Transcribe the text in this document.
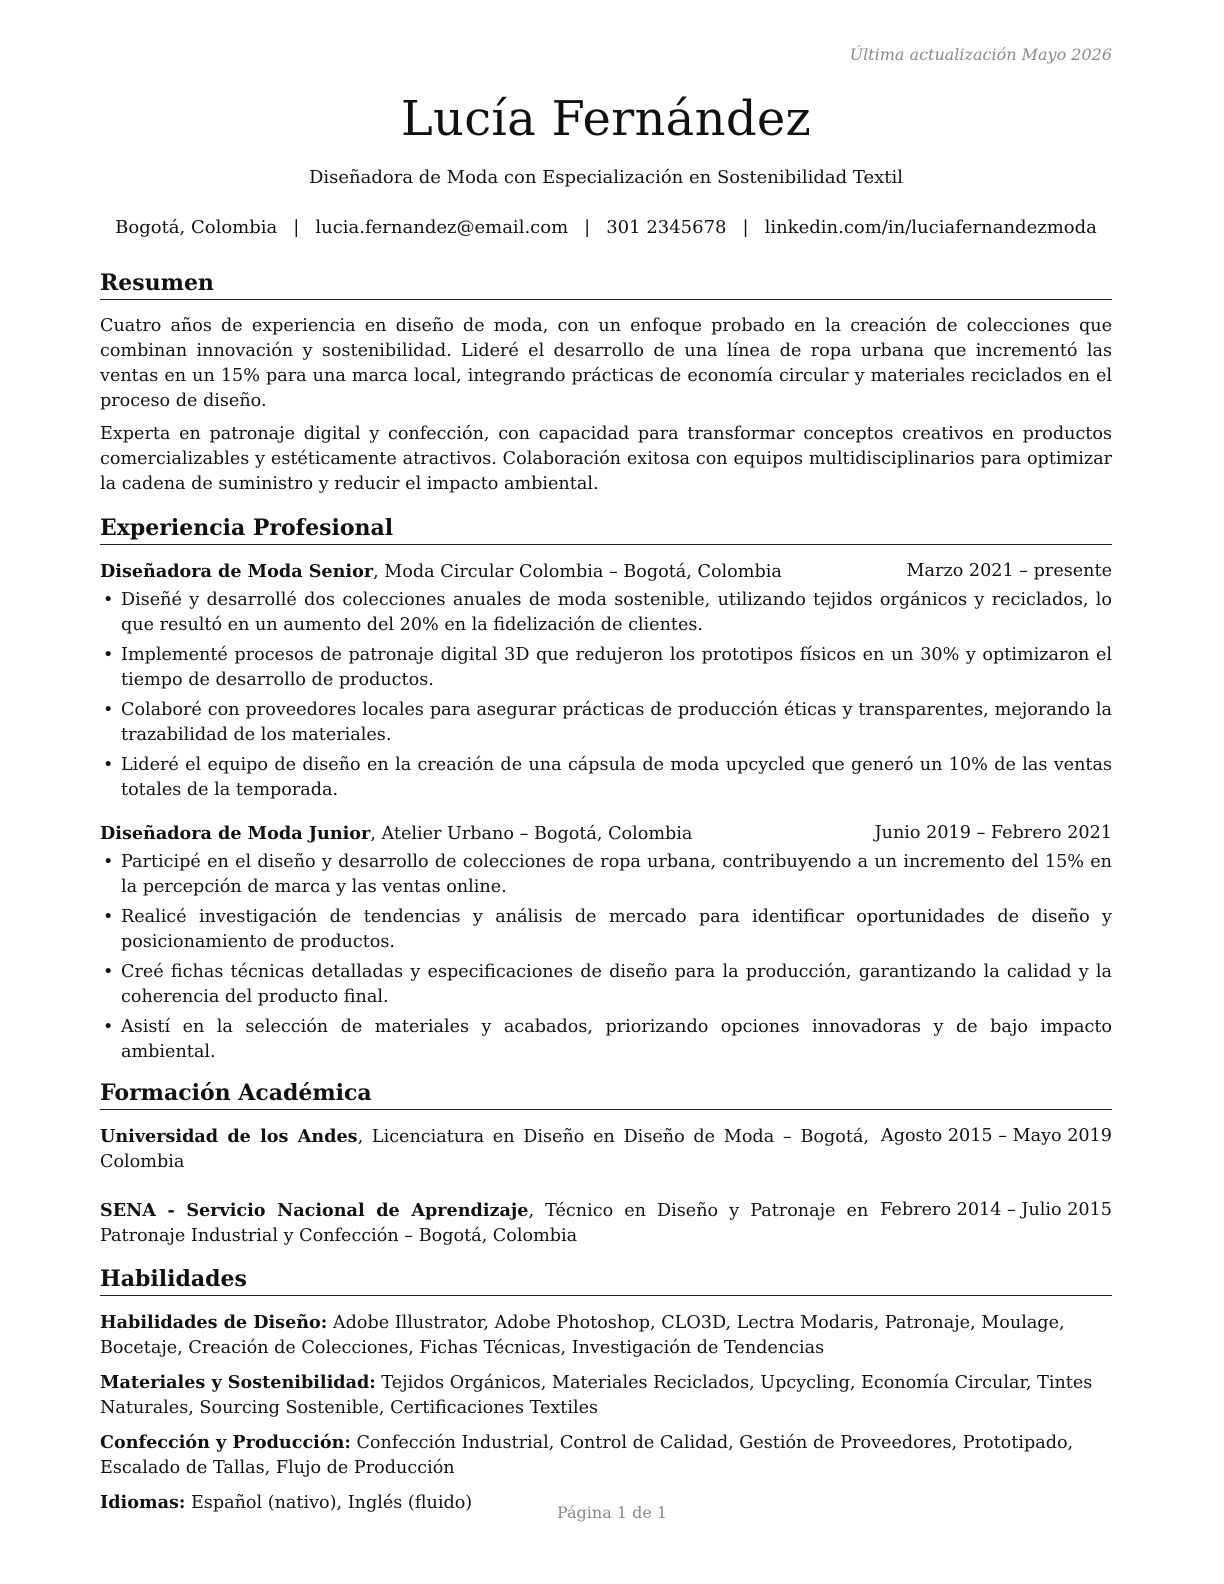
Última actualización Mayo 2026
Lucía Fernández
Diseñadora de Moda con Especialización en Sostenibilidad Textil
Bogotá, Colombia | lucia.fernandez@email.com | 301 2345678 | linkedin.com/in/luciafernandezmoda
Resumen

Cuatro años de experiencia en diseño de moda, con un enfoque probado en la creación de colecciones que combinan innovación y sostenibilidad. Lideré el desarrollo de una línea de ropa urbana que incrementó las ventas en un 15% para una marca local, integrando prácticas de economía circular y materiales reciclados en el proceso de diseño.

Experta en patronaje digital y confección, con capacidad para transformar conceptos creativos en productos comercializables y estéticamente atractivos. Colaboración exitosa con equipos multidisciplinarios para optimizar la cadena de suministro y reducir el impacto ambiental.

Experiencia Profesional
Diseñadora de Moda Senior, Moda Circular Colombia – Bogotá, Colombia	Marzo 2021 – presente
• Diseñé y desarrollé dos colecciones anuales de moda sostenible, utilizando tejidos orgánicos y reciclados, lo que resultó en un aumento del 20% en la fidelización de clientes.
• Implementé procesos de patronaje digital 3D que redujeron los prototipos físicos en un 30% y optimizaron el tiempo de desarrollo de productos.
• Colaboré con proveedores locales para asegurar prácticas de producción éticas y transparentes, mejorando la trazabilidad de los materiales.
• Lideré el equipo de diseño en la creación de una cápsula de moda upcycled que generó un 10% de las ventas totales de la temporada.
Diseñadora de Moda Junior, Atelier Urbano – Bogotá, Colombia	Junio 2019 – Febrero 2021
• Participé en el diseño y desarrollo de colecciones de ropa urbana, contribuyendo a un incremento del 15% en la percepción de marca y las ventas online.
• Realicé investigación de tendencias y análisis de mercado para identificar oportunidades de diseño y posicionamiento de productos.
• Creé fichas técnicas detalladas y especificaciones de diseño para la producción, garantizando la calidad y la coherencia del producto final.
• Asistí en la selección de materiales y acabados, priorizando opciones innovadoras y de bajo impacto ambiental.
Formación Académica
Universidad de los Andes, Licenciatura en Diseño en Diseño de Moda – Bogotá, Colombia
Agosto 2015 – Mayo 2019
SENA - Servicio Nacional de Aprendizaje, Técnico en Diseño y Patronaje en Patronaje Industrial y Confección – Bogotá, Colombia
Febrero 2014 – Julio 2015
Habilidades

Habilidades de Diseño: Adobe Illustrator, Adobe Photoshop, CLO3D, Lectra Modaris, Patronaje, Moulage, Bocetaje, Creación de Colecciones, Fichas Técnicas, Investigación de Tendencias

Materiales y Sostenibilidad: Tejidos Orgánicos, Materiales Reciclados, Upcycling, Economía Circular, Tintes Naturales, Sourcing Sostenible, Certificaciones Textiles

Confección y Producción: Confección Industrial, Control de Calidad, Gestión de Proveedores, Prototipado, Escalado de Tallas, Flujo de Producción

Idiomas: Español (nativo), Inglés (fluido)	Página 1 de 1
